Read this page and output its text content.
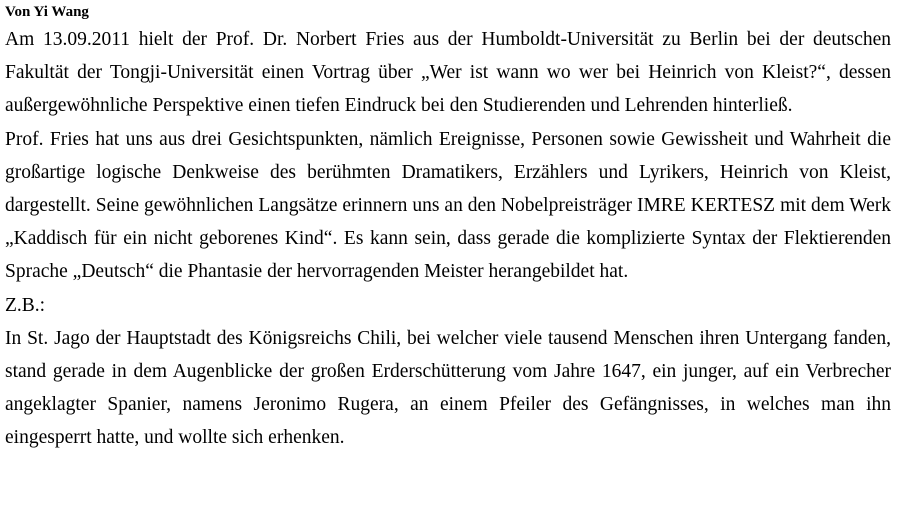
Von Yi Wang

Am 13.09.2011 hielt der Prof. Dr. Norbert Fries aus der Humboldt-Universität zu Berlin bei der deutschen Fakultät der Tongji-Universität einen Vortrag über „Wer ist wann wo wer bei Heinrich von Kleist?“, dessen außergewöhnliche Perspektive einen tiefen Eindruck bei den Studierenden und Lehrenden hinterließ.

Prof. Fries hat uns aus drei Gesichtspunkten, nämlich Ereignisse, Personen sowie Gewissheit und Wahrheit die großartige logische Denkweise des berühmten Dramatikers, Erzählers und Lyrikers, Heinrich von Kleist, dargestellt. Seine gewöhnlichen Langsätze erinnern uns an den Nobelpreisträger IMRE KERTESZ mit dem Werk „Kaddisch für ein nicht geborenes Kind“. Es kann sein, dass gerade die komplizierte Syntax der Flektierenden Sprache „Deutsch“ die Phantasie der hervorragenden Meister herangebildet hat.

Z.B.:

In St. Jago der Hauptstadt des Königsreichs Chili, bei welcher viele tausend Menschen ihren Untergang fanden, stand gerade in dem Augenblicke der großen Erderschütterung vom Jahre 1647, ein junger, auf ein Verbrecher angeklagter Spanier, namens Jeronimo Rugera, an einem Pfeiler des Gefängnisses, in welches man ihn eingesperrt hatte, und wollte sich erhenken.
